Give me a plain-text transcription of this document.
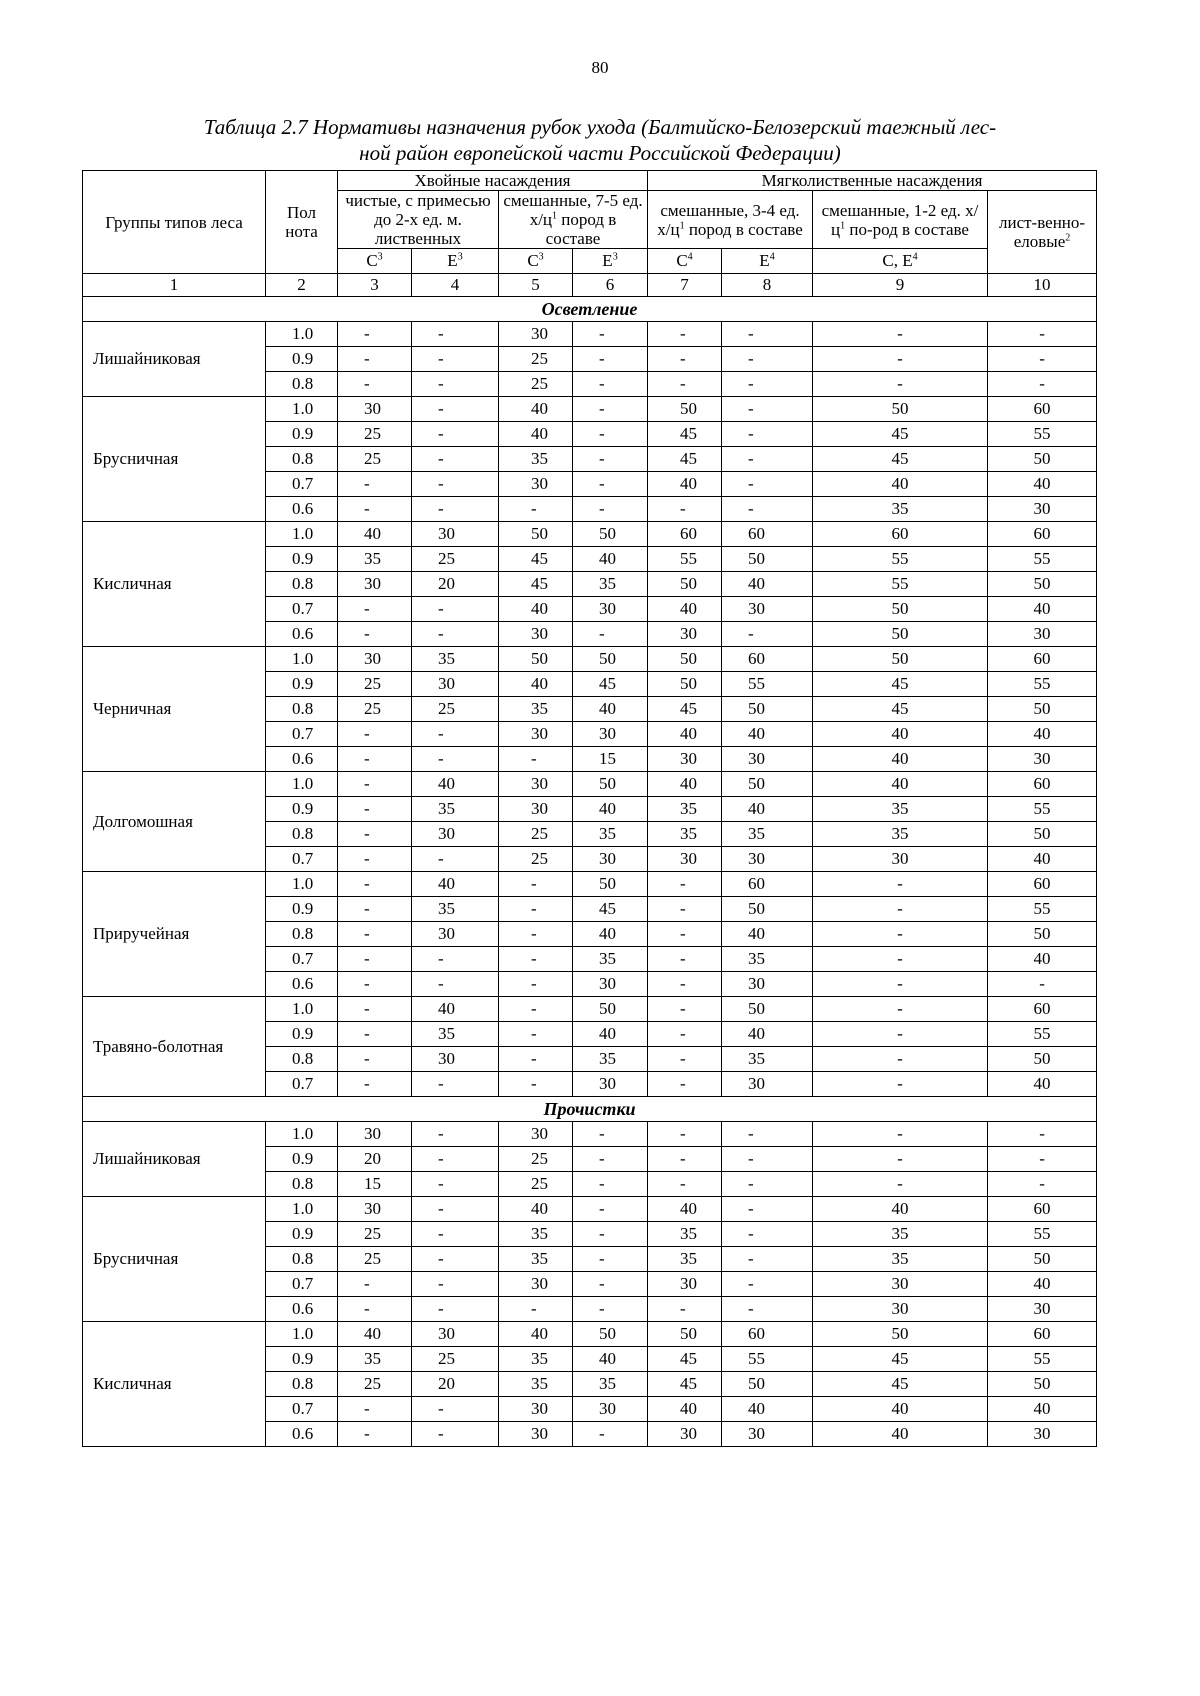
80
Таблица 2.7 Нормативы назначения рубок ухода (Балтийско-Белозерский таежный лес-
ной район европейской части Российской Федерации)
Группы типов леса	Пол нота	Хвойные насаждения				Мягколиственные насаждения			
		чистые, с примесью до 2-х ед. м. лиственных		смешанные, 7-5 ед. $х/ц^1$ пород в составе		смешанные, 3-4 ед. $х/ц^1$ пород в составе		смешанные, 1-2 ед. $х/ц^1$ по-род в составе	лист-венно-еловые$^2$
		$С^3$	$Е^3$	$С^3$	$Е^3$	$С^4$	$Е^4$	С, $Е^4$
1	2	3	4	5	6	7	8	9	10
Осветление									
Лишайниковая	1.0	-	-	30	-	-	-	-	-
	0.9	-	-	25	-	-	-	-	-
	0.8	-	-	25	-	-	-	-	-
Брусничная	1.0	30	-	40	-	50	-	50	60
	0.9	25	-	40	-	45	-	45	55
	0.8	25	-	35	-	45	-	45	50
	0.7	-	-	30	-	40	-	40	40
	0.6	-	-	-	-	-	-	35	30
Кисличная	1.0	40	30	50	50	60	60	60	60
	0.9	35	25	45	40	55	50	55	55
	0.8	30	20	45	35	50	40	55	50
	0.7	-	-	40	30	40	30	50	40
	0.6	-	-	30	-	30	-	50	30
Черничная	1.0	30	35	50	50	50	60	50	60
	0.9	25	30	40	45	50	55	45	55
	0.8	25	25	35	40	45	50	45	50
	0.7	-	-	30	30	40	40	40	40
	0.6	-	-	-	15	30	30	40	30
Долгомошная	1.0	-	40	30	50	40	50	40	60
	0.9	-	35	30	40	35	40	35	55
	0.8	-	30	25	35	35	35	35	50
	0.7	-	-	25	30	30	30	30	40
Приручейная	1.0	-	40	-	50	-	60	-	60
	0.9	-	35	-	45	-	50	-	55
	0.8	-	30	-	40	-	40	-	50
	0.7	-	-	-	35	-	35	-	40
	0.6	-	-	-	30	-	30	-	-
Травяно-болотная	1.0	-	40	-	50	-	50	-	60
	0.9	-	35	-	40	-	40	-	55
	0.8	-	30	-	35	-	35	-	50
	0.7	-	-	-	30	-	30	-	40
Прочистки									
Лишайниковая	1.0	30	-	30	-	-	-	-	-
	0.9	20	-	25	-	-	-	-	-
	0.8	15	-	25	-	-	-	-	-
Брусничная	1.0	30	-	40	-	40	-	40	60
	0.9	25	-	35	-	35	-	35	55
	0.8	25	-	35	-	35	-	35	50
	0.7	-	-	30	-	30	-	30	40
	0.6	-	-	-	-	-	-	30	30
Кисличная	1.0	40	30	40	50	50	60	50	60
	0.9	35	25	35	40	45	55	45	55
	0.8	25	20	35	35	45	50	45	50
	0.7	-	-	30	30	40	40	40	40
	0.6	-	-	30	-	30	30	40	30
